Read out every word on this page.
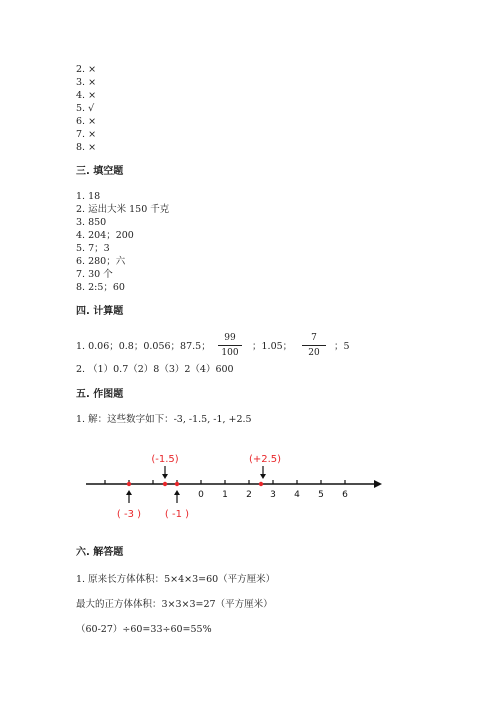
2. ×
3. ×
4. ×
5. √
6. ×
7. ×
8. ×
三. 填空题
1. 18
2. 运出大米 150 千克
3. 850
4. 204；200
5. 7；3
6. 280；六
7. 30 个
8. 2:5；60
四. 计算题
1. 0.06；0.8；0.056；87.5；
99
100
；1.05；
7
20
；5
2. （1）0.7（2）8（3）2（4）600
五. 作图题
1. 解：这些数字如下：-3, -1.5, -1, +2.5
0 1 2 3 4 5 6
(-1.5)	(+2.5)
( -3 ) ( -1 )
六. 解答题
1. 原来长方体体积：5×4×3=60（平方厘米）
最大的正方体体积：3×3×3=27（平方厘米）
（60-27）÷60=33÷60=55%
